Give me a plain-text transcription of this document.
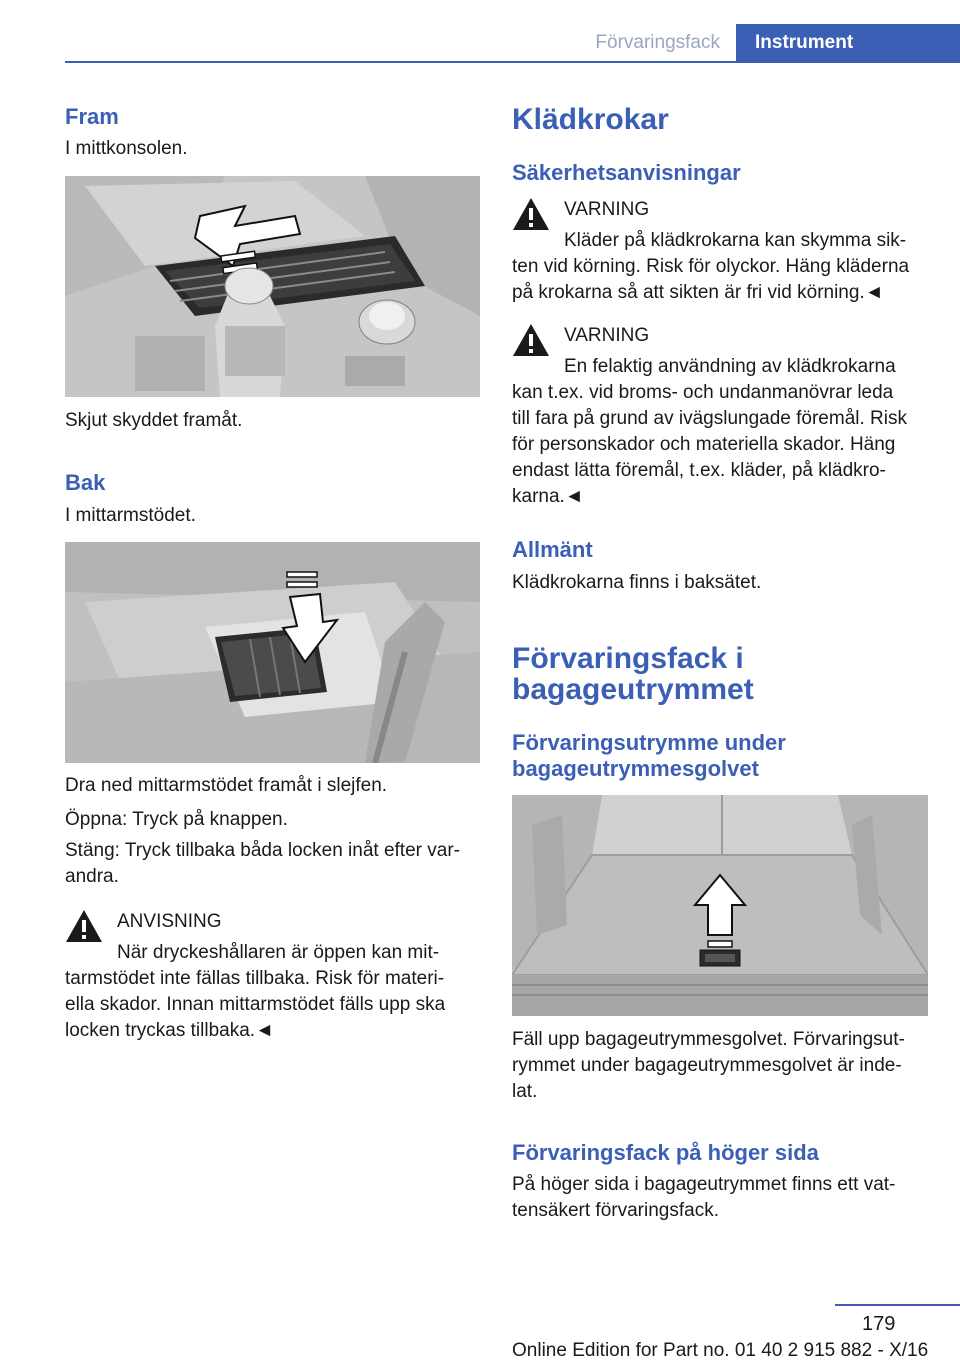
Förvaringsfack	Instrument
Fram

I mittkonsolen.

Skjut skyddet framåt.

Bak

I mittarmstödet.

Dra ned mittarmstödet framåt i slejfen.

Öppna: Tryck på knappen.

Stäng: Tryck tillbaka båda locken inåt efter var-

andra.

ANVISNING
När dryckeshållaren är öppen kan mit-
tarmstödet inte fällas tillbaka. Risk för materi-
ella skador. Innan mittarmstödet fälls upp ska
locken tryckas tillbaka.◄
Klädkrokar
Säkerhetsanvisningar
VARNING
Kläder på klädkrokarna kan skymma sik-
ten vid körning. Risk för olyckor. Häng kläderna
på krokarna så att sikten är fri vid körning.◄
VARNING
En felaktig användning av klädkrokarna
kan t.ex. vid broms- och undanmanövrar leda
till fara på grund av ivägslungade föremål. Risk
för personskador och materiella skador. Häng
endast lätta föremål, t.ex. kläder, på klädkro-
karna.◄
Allmänt

Klädkrokarna finns i baksätet.

Förvaringsfack i
bagageutrymmet
Förvaringsutrymme under
bagageutrymmesgolvet

Fäll upp bagageutrymmesgolvet. Förvaringsut-

rymmet under bagageutrymmesgolvet är inde-

lat.

Förvaringsfack på höger sida

På höger sida i bagageutrymmet finns ett vat-

tensäkert förvaringsfack.

179
Online Edition for Part no. 01 40 2 915 882 - X/16
